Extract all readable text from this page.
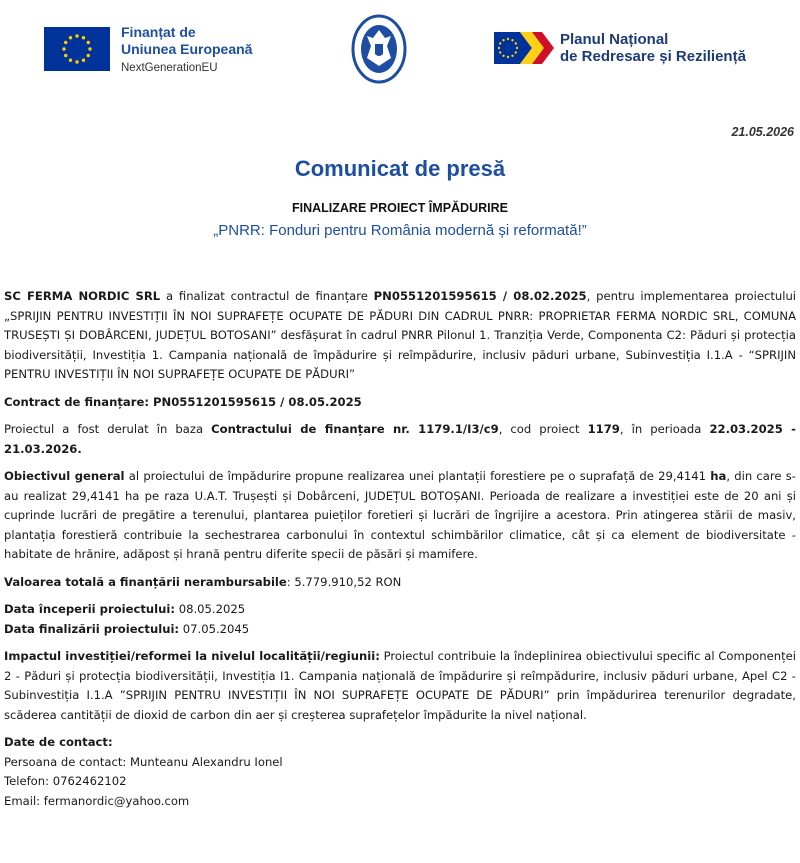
Finanțat de
Uniunea Europeană
NextGenerationEU
Planul Național
de Redresare și Reziliență
21.05.2026
Comunicat de presă
FINALIZARE PROIECT ÎMPĂDURIRE
„PNRR: Fonduri pentru România modernă și reformată!”

SC FERMA NORDIC SRL a finalizat contractul de finanțare PN0551201595615 / 08.02.2025, pentru implementarea proiectului „SPRIJIN PENTRU INVESTIȚII ÎN NOI SUPRAFEȚE OCUPATE DE PĂDURI DIN CADRUL PNRR: PROPRIETAR FERMA NORDIC SRL, COMUNA TRUSEȘTI ȘI DOBÂRCENI, JUDEȚUL BOTOSANI” desfășurat în cadrul PNRR Pilonul 1. Tranziția Verde, Componenta C2: Păduri și protecția biodiversității, Investiția 1. Campania națională de împădurire și reîmpădurire, inclusiv păduri urbane, Subinvestiția I.1.A - “SPRIJIN PENTRU INVESTIȚII ÎN NOI SUPRAFEȚE OCUPATE DE PĂDURI”

Contract de finanțare: PN0551201595615 / 08.05.2025

Proiectul a fost derulat în baza Contractului de finanțare nr. 1179.1/I3/c9, cod proiect 1179, în perioada 22.03.2025 - 21.03.2026.

Obiectivul general al proiectului de împădurire propune realizarea unei plantații forestiere pe o suprafață de 29,4141 ha, din care s-au realizat 29,4141 ha pe raza U.A.T. Trușești și Dobârceni, JUDEȚUL BOTOȘANI. Perioada de realizare a investiției este de 20 ani și cuprinde lucrări de pregătire a terenului, plantarea puieților foretieri și lucrări de îngrijire a acestora. Prin atingerea stării de masiv, plantația forestieră contribuie la sechestrarea carbonului în contextul schimbărilor climatice, cât și ca element de biodiversitate - habitate de hrănire, adăpost și hrană pentru diferite specii de păsări și mamifere.

Valoarea totală a finanțării nerambursabile: 5.779.910,52 RON

Data începerii proiectului: 08.05.2025

Data finalizării proiectului: 07.05.2045

Impactul investiției/reformei la nivelul localității/regiunii: Proiectul contribuie la îndeplinirea obiectivului specific al Componenței 2 - Păduri și protecția biodiversității, Investiția I1. Campania națională de împădurire și reîmpădurire, inclusiv păduri urbane, Apel C2 - Subinvestiția I.1.A ”SPRIJIN PENTRU INVESTIȚII ÎN NOI SUPRAFEȚE OCUPATE DE PĂDURI” prin împădurirea terenurilor degradate, scăderea cantității de dioxid de carbon din aer și creșterea suprafețelor împădurite la nivel național.

Date de contact:

Persoana de contact: Munteanu Alexandru Ionel

Telefon: 0762462102

Email: fermanordic@yahoo.com
